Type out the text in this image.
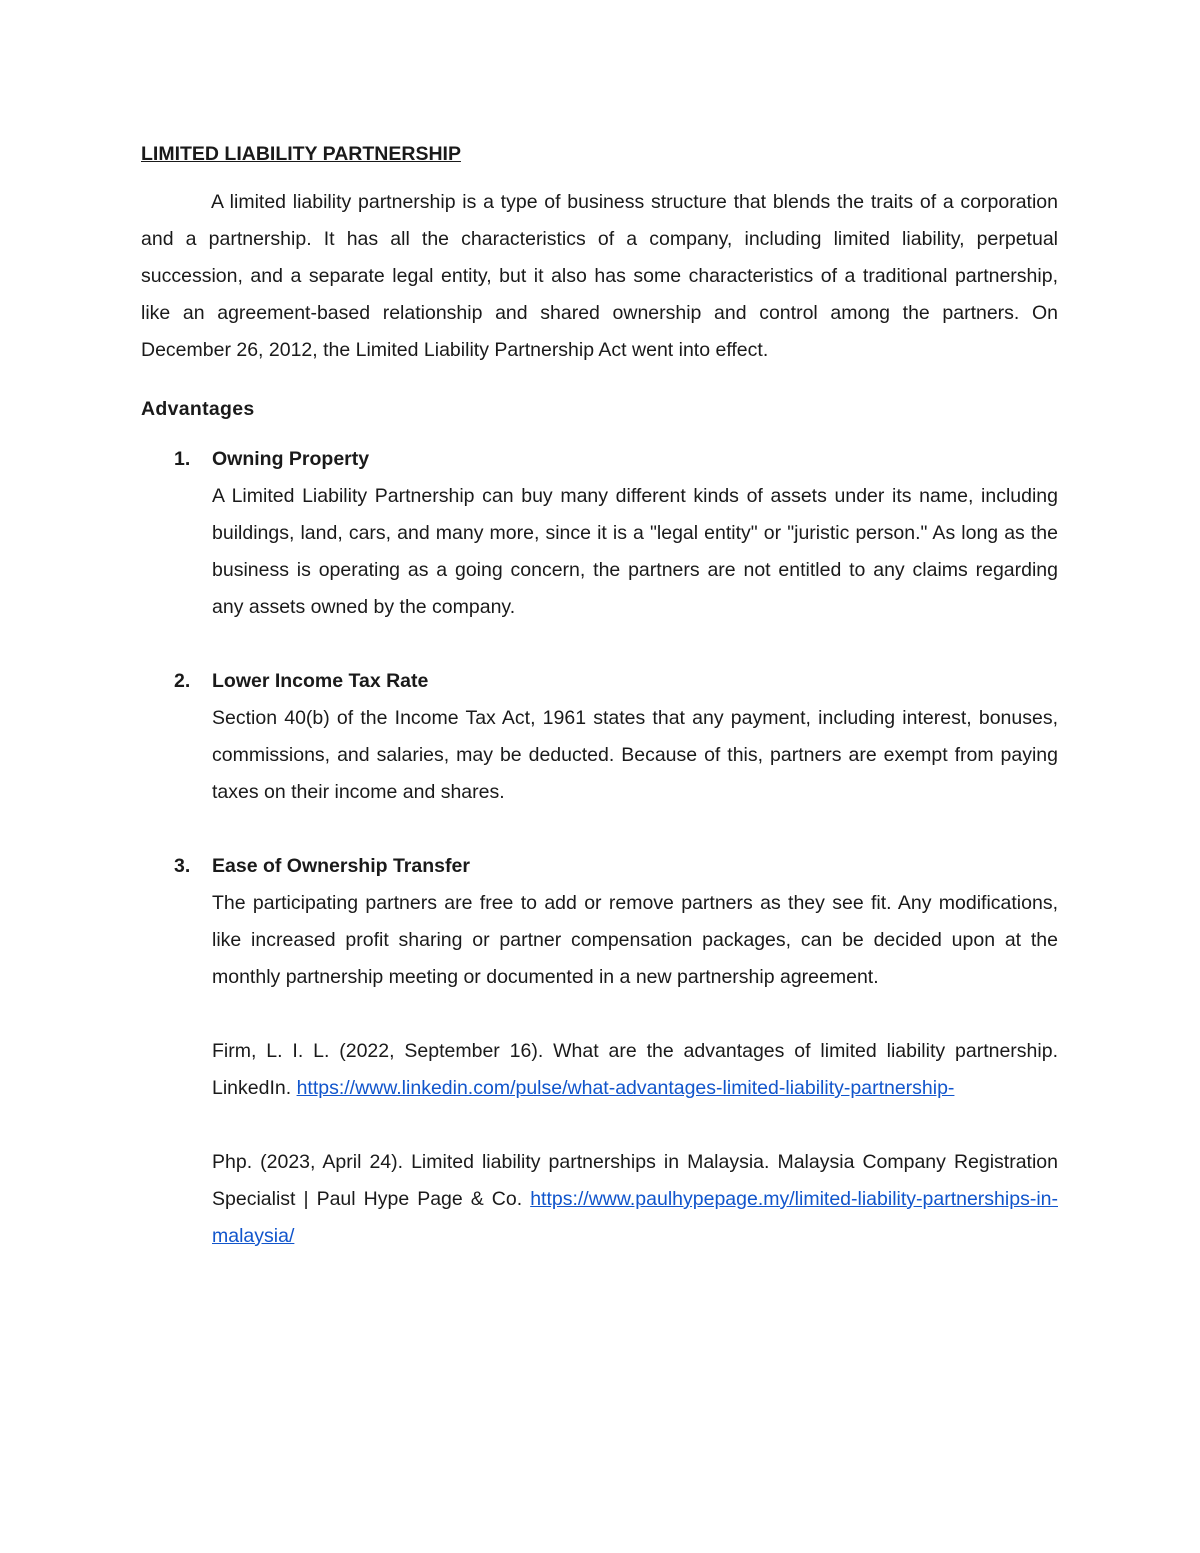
LIMITED LIABILITY PARTNERSHIP

A limited liability partnership is a type of business structure that blends the traits of a corporation and a partnership. It has all the characteristics of a company, including limited liability, perpetual succession, and a separate legal entity, but it also has some characteristics of a traditional partnership, like an agreement-based relationship and shared ownership and control among the partners. On December 26, 2012, the Limited Liability Partnership Act went into effect.

Advantages
1. Owning Property

A Limited Liability Partnership can buy many different kinds of assets under its name, including buildings, land, cars, and many more, since it is a "legal entity" or "juristic person." As long as the business is operating as a going concern, the partners are not entitled to any claims regarding any assets owned by the company.

2. Lower Income Tax Rate

Section 40(b) of the Income Tax Act, 1961 states that any payment, including interest, bonuses, commissions, and salaries, may be deducted. Because of this, partners are exempt from paying taxes on their income and shares.

3. Ease of Ownership Transfer

The participating partners are free to add or remove partners as they see fit. Any modifications, like increased profit sharing or partner compensation packages, can be decided upon at the monthly partnership meeting or documented in a new partnership agreement.

Firm, L. I. L. (2022, September 16). What are the advantages of limited liability partnership. LinkedIn. https://www.linkedin.com/pulse/what-advantages-limited-liability-partnership-

Php. (2023, April 24). Limited liability partnerships in Malaysia. Malaysia Company Registration Specialist | Paul Hype Page & Co. https://www.paulhypepage.my/limited-liability-partnerships-in-malaysia/
